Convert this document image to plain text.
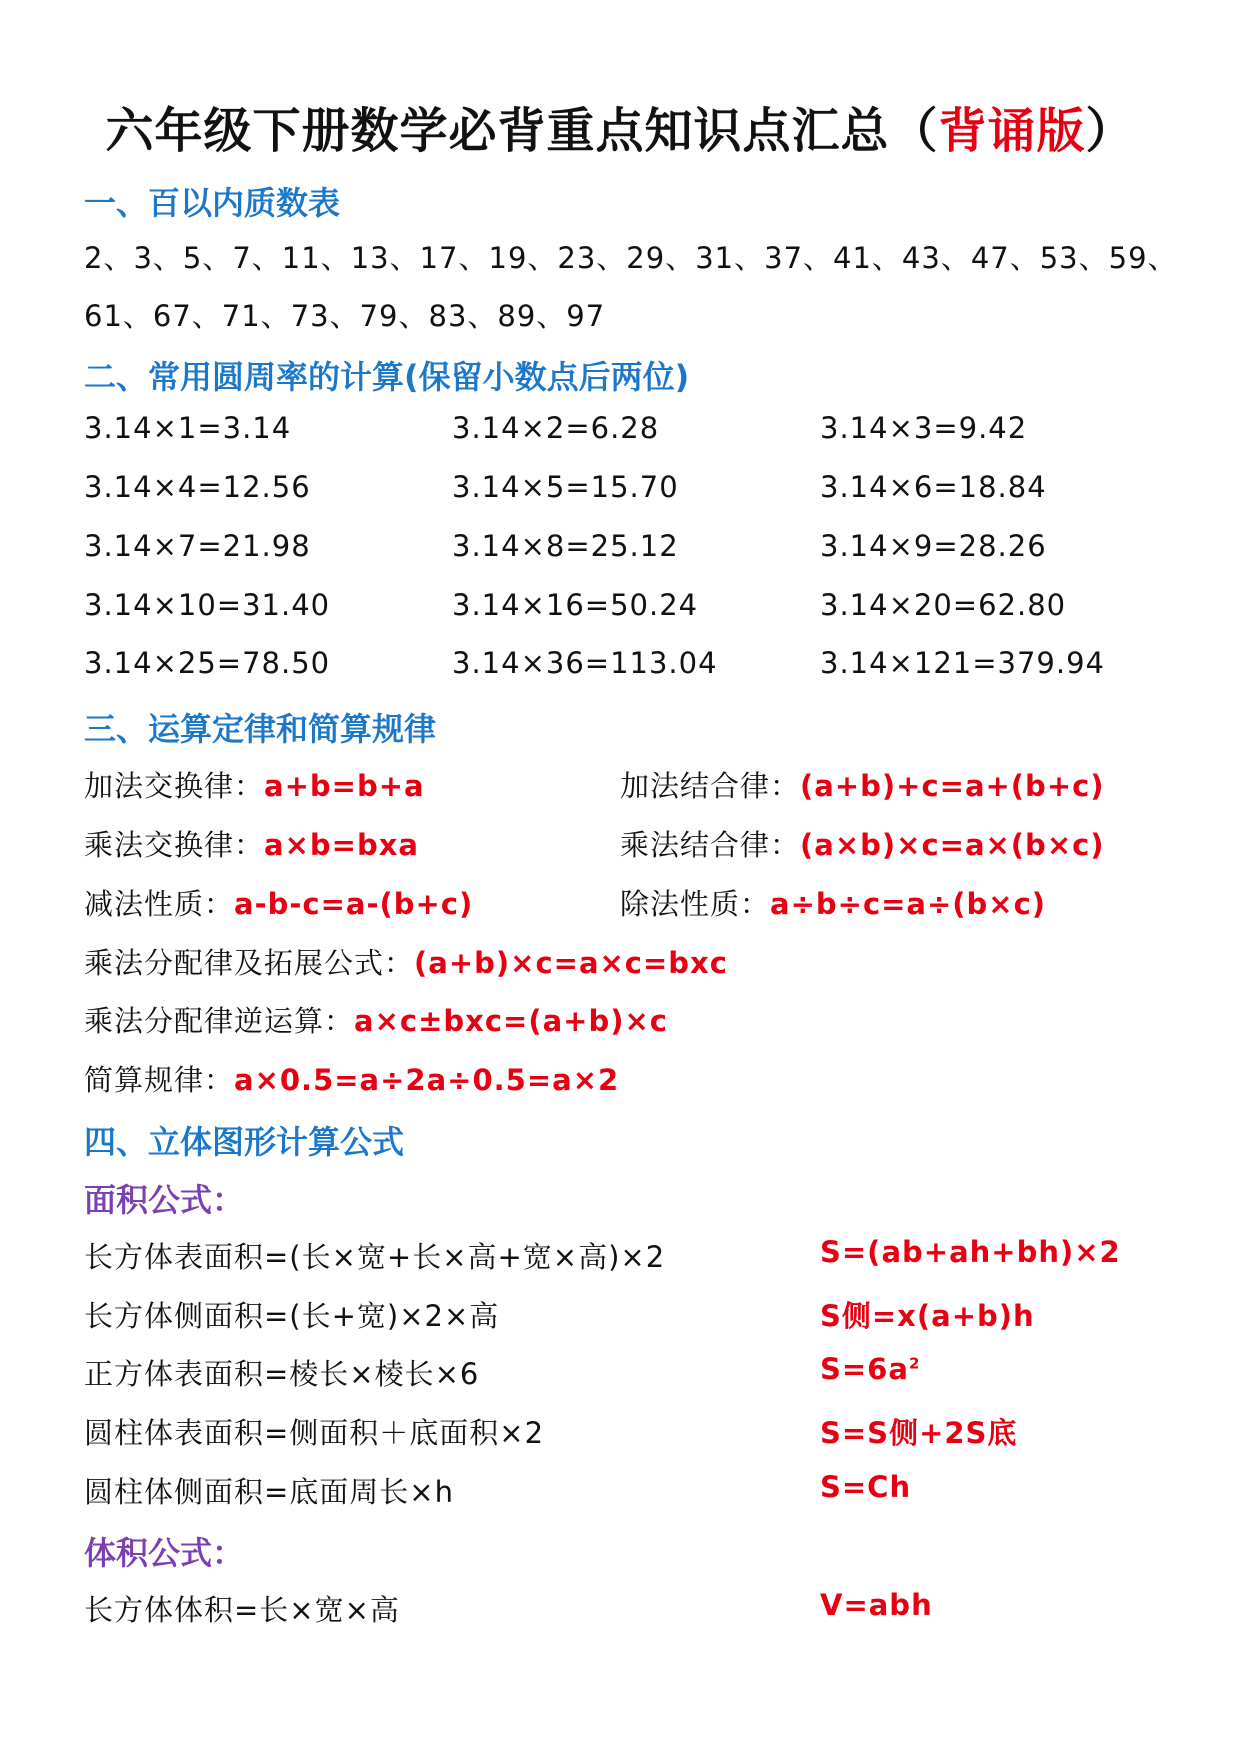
六年级下册数学必背重点知识点汇总（背诵版）
一、百以内质数表
2、3、5、7、11、13、17、19、23、29、31、37、41、43、47、53、59、
61、67、71、73、79、83、89、97
二、常用圆周率的计算(保留小数点后两位)
3.14×1=3.14	3.14×2=6.28	3.14×3=9.42
3.14×4=12.56	3.14×5=15.70	3.14×6=18.84
3.14×7=21.98	3.14×8=25.12	3.14×9=28.26
3.14×10=31.40	3.14×16=50.24	3.14×20=62.80
3.14×25=78.50	3.14×36=113.04	3.14×121=379.94
三、运算定律和简算规律
加法交换律：a+b=b+a	加法结合律：(a+b)+c=a+(b+c)
乘法交换律：a×b=bxa	乘法结合律：(a×b)×c=a×(b×c)
减法性质：a-b-c=a-(b+c)	除法性质：a÷b÷c=a÷(b×c)
乘法分配律及拓展公式：(a+b)×c=a×c=bxc
乘法分配律逆运算：a×c±bxc=(a+b)×c
简算规律：a×0.5=a÷2a÷0.5=a×2
四、立体图形计算公式
面积公式：
长方体表面积=(长×宽+长×高+宽×高)×2	S=(ab+ah+bh)×2
长方体侧面积=(长+宽)×2×高	S侧=x(a+b)h
正方体表面积=棱长×棱长×6	$S=6a^2$
圆柱体表面积=侧面积＋底面积×2	S=S侧+2S底
圆柱体侧面积=底面周长×h	S=Ch
体积公式：
长方体体积=长×宽×高	V=abh
